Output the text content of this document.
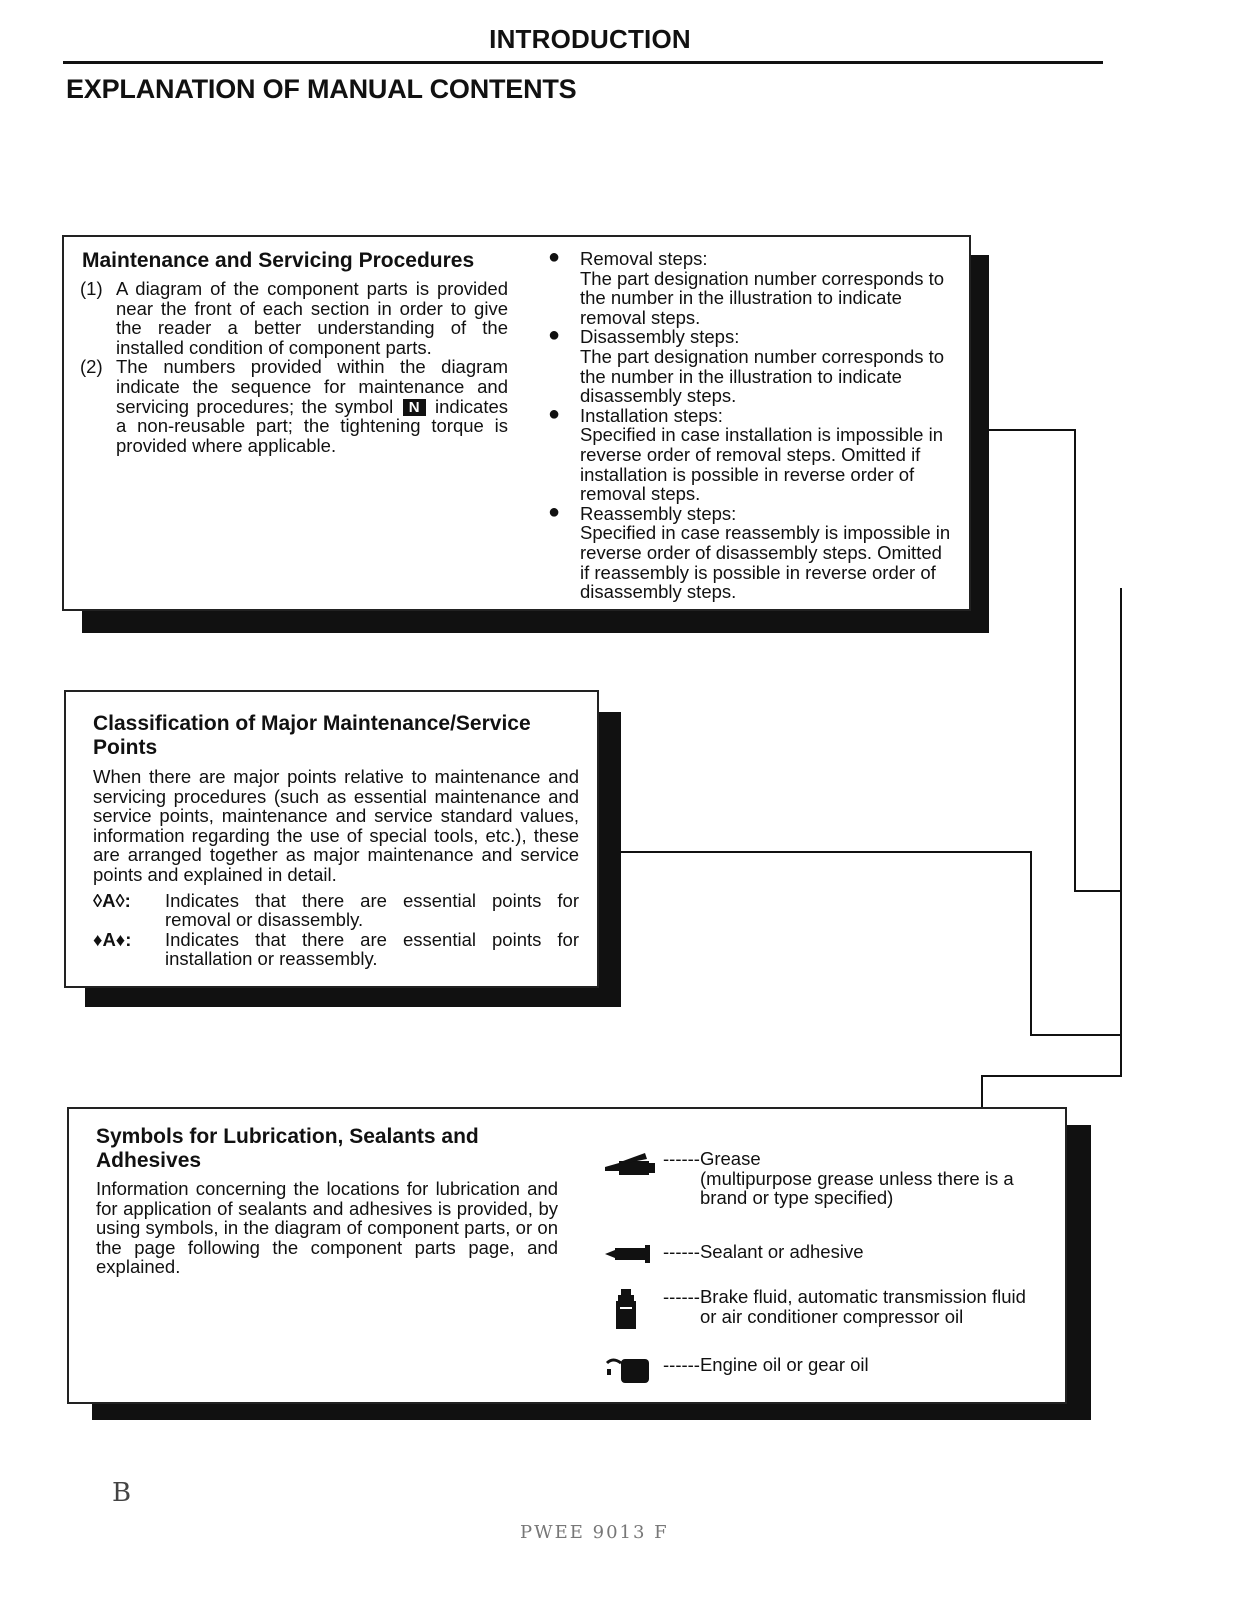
INTRODUCTION
EXPLANATION OF MANUAL CONTENTS
Maintenance and Servicing Procedures
(1) A diagram of the component parts is provided near the front of each section in order to give the reader a better understanding of the installed condition of component parts.
(2) The numbers provided within the diagram indicate the sequence for maintenance and servicing procedures; the symbol N indicates a non-reusable part; the tightening torque is provided where applicable.
● Removal steps:
The part designation number corresponds to the number in the illustration to indicate removal steps.
● Disassembly steps:
The part designation number corresponds to the number in the illustration to indicate disassembly steps.
● Installation steps:
Specified in case installation is impossible in reverse order of removal steps. Omitted if installation is possible in reverse order of removal steps.
● Reassembly steps:
Specified in case reassembly is impossible in reverse order of disassembly steps. Omitted if reassembly is possible in reverse order of disassembly steps.
Classification of Major Maintenance/Service Points
When there are major points relative to maintenance and servicing procedures (such as essential maintenance and service points, maintenance and service standard values, information regarding the use of special tools, etc.), these are arranged together as major maintenance and service points and explained in detail.
◊A◊: Indicates that there are essential points for removal or disassembly.
♦A♦: Indicates that there are essential points for installation or reassembly.
Symbols for Lubrication, Sealants and Adhesives
Information concerning the locations for lubrication and for application of sealants and adhesives is provided, by using symbols, in the diagram of component parts, or on the page following the component parts page, and explained.
------Grease
(multipurpose grease unless there is a brand or type specified)
------Sealant or adhesive
------Brake fluid, automatic transmission fluid
or air conditioner compressor oil
------Engine oil or gear oil
B
PWEE 9013 F
